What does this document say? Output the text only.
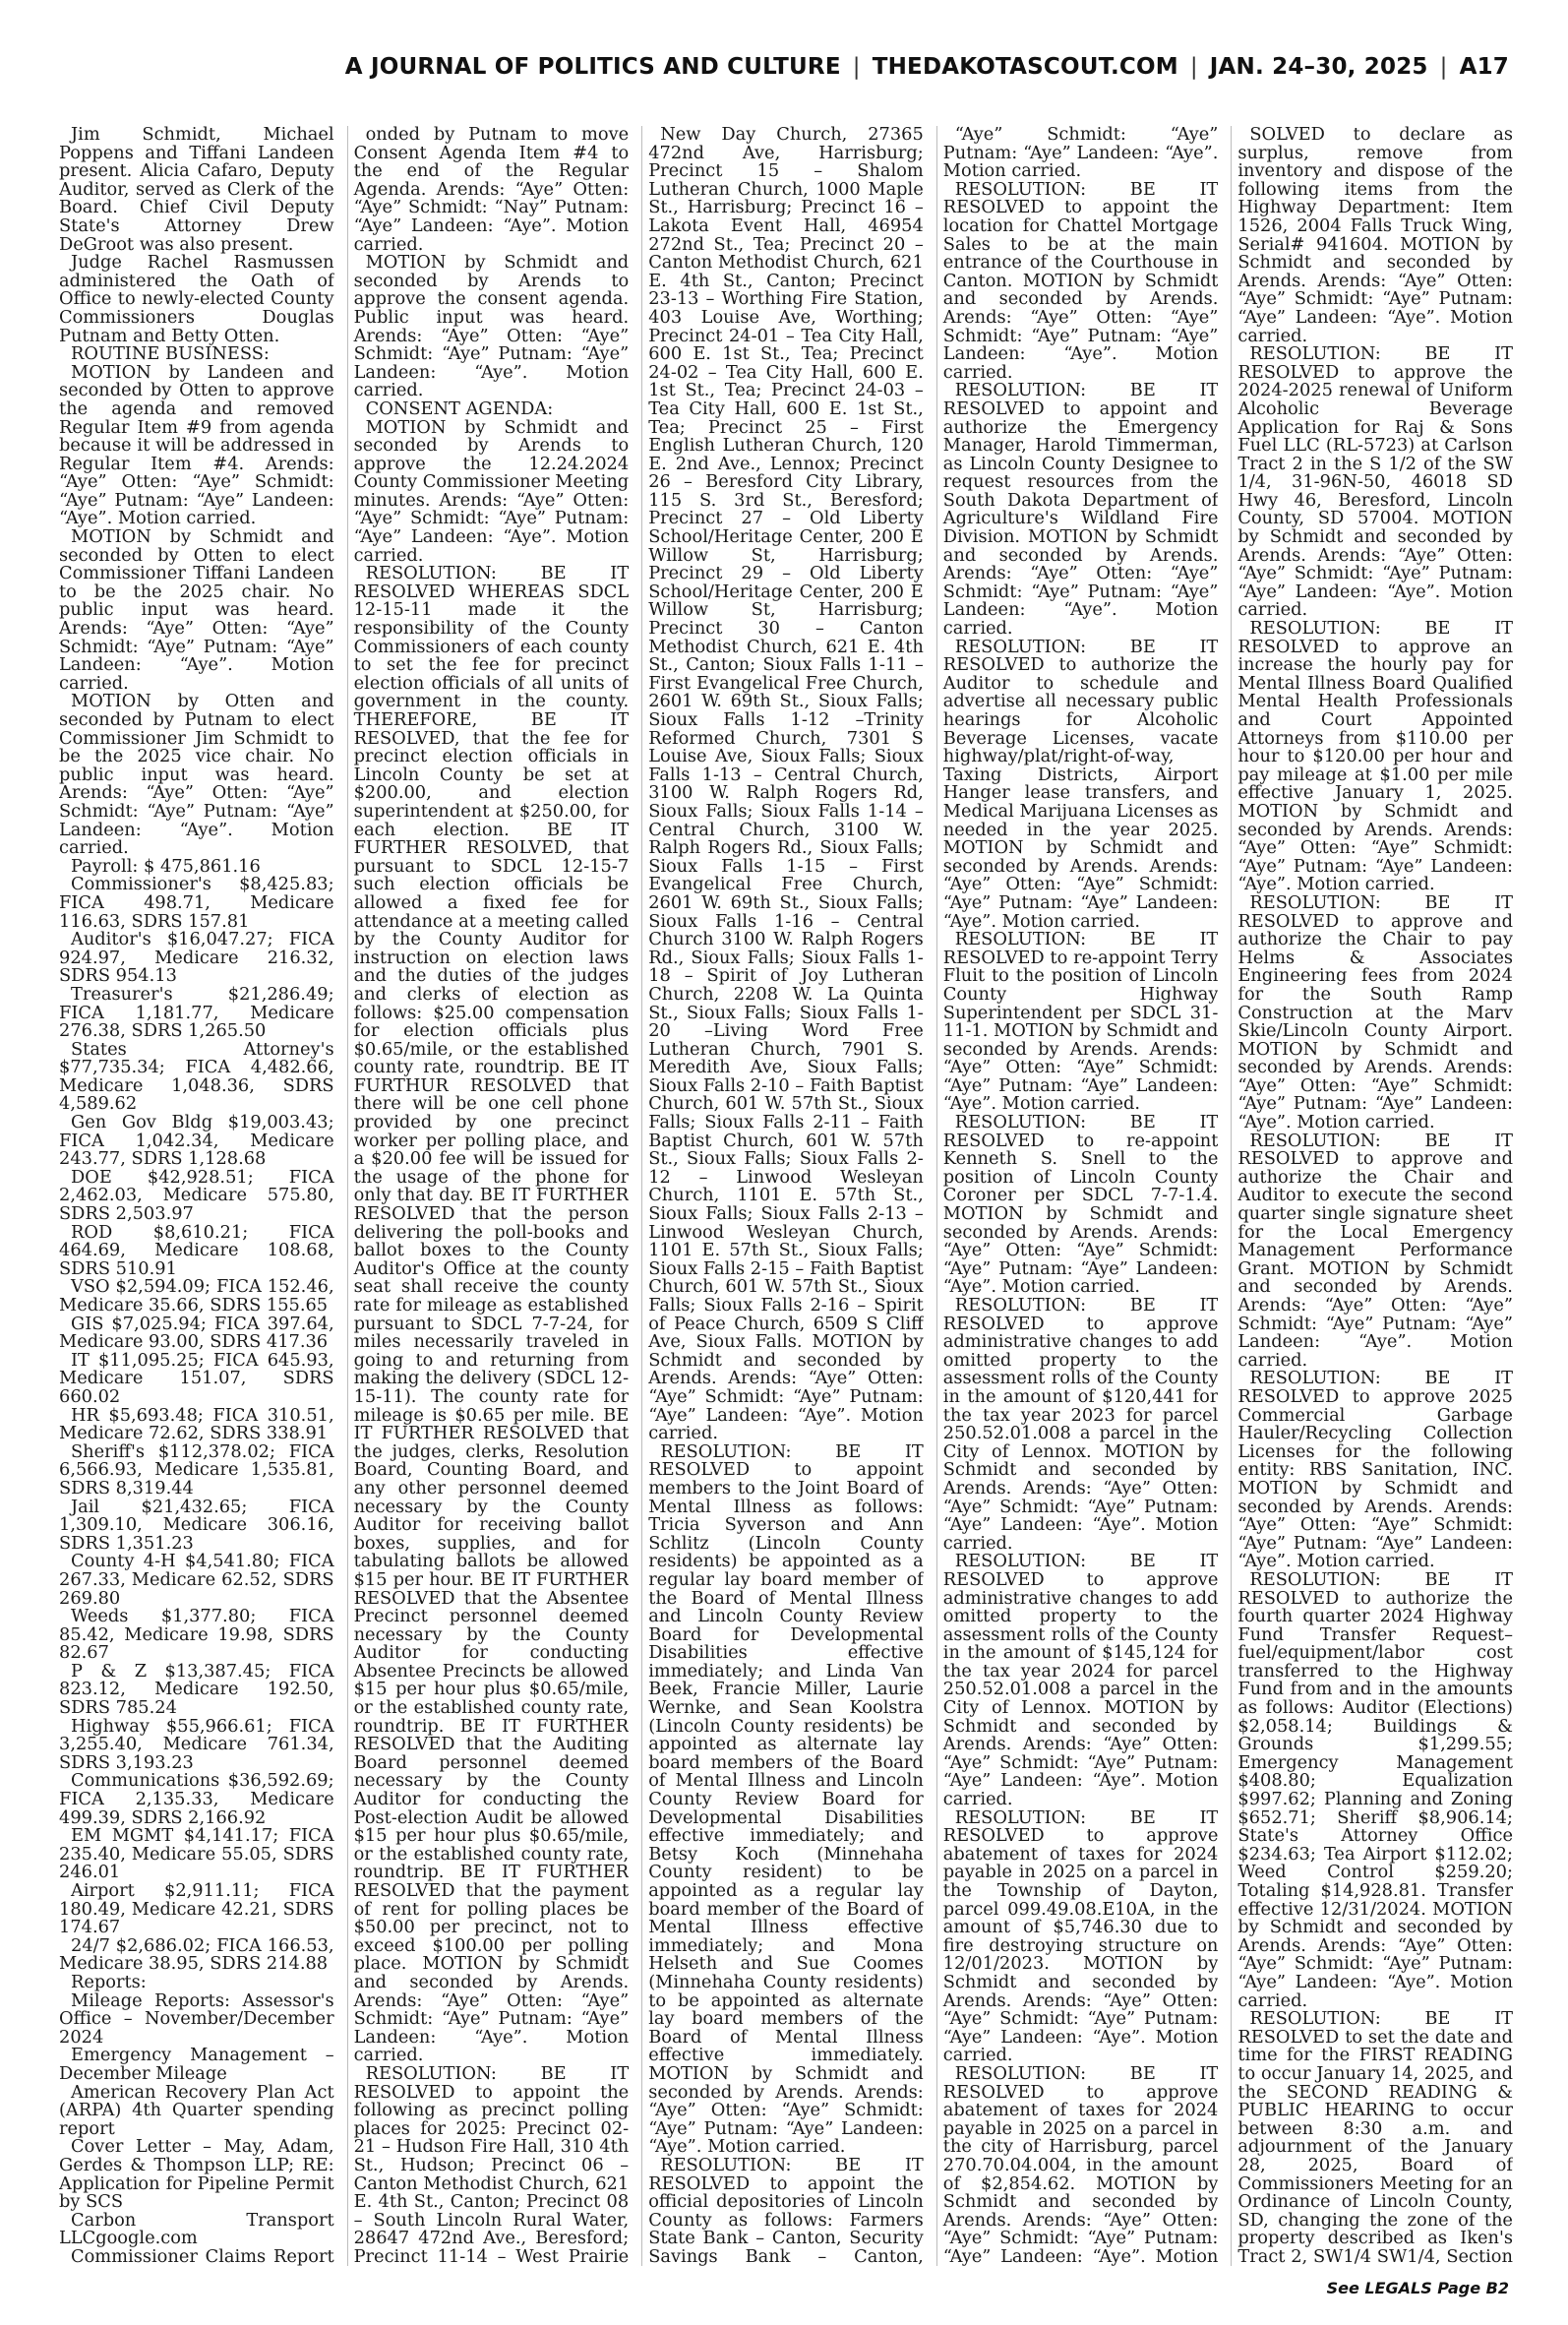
A JOURNAL OF POLITICS AND CULTURE | THEDAKOTASCOUT.COM | JAN. 24–30, 2025 | A17

Jim Schmidt, Michael Poppens and Tiffani Landeen present. Alicia Cafaro, Deputy Auditor, served as Clerk of the Board. Chief Civil Deputy State's Attorney Drew DeGroot was also present.

Judge Rachel Rasmussen administered the Oath of Office to newly-elected County Commissioners Douglas Putnam and Betty Otten.

ROUTINE BUSINESS:

MOTION by Landeen and seconded by Otten to approve the agenda and removed Regular Item #9 from agenda because it will be addressed in Regular Item #4. Arends: “Aye” Otten: “Aye” Schmidt: “Aye” Putnam: “Aye” Landeen: “Aye”. Motion carried.

MOTION by Schmidt and seconded by Otten to elect Commissioner Tiffani Landeen to be the 2025 chair. No public input was heard. Arends: “Aye” Otten: “Aye” Schmidt: “Aye” Putnam: “Aye” Landeen: “Aye”. Motion carried.

MOTION by Otten and seconded by Putnam to elect Commissioner Jim Schmidt to be the 2025 vice chair. No public input was heard. Arends: “Aye” Otten: “Aye” Schmidt: “Aye” Putnam: “Aye” Landeen: “Aye”. Motion carried.

Payroll: $ 475,861.16

Commissioner's $8,425.83; FICA 498.71, Medicare 116.63, SDRS 157.81

Auditor's $16,047.27; FICA 924.97, Medicare 216.32, SDRS 954.13

Treasurer's $21,286.49; FICA 1,181.77, Medicare 276.38, SDRS 1,265.50

States Attorney's $77,735.34; FICA 4,482.66, Medicare 1,048.36, SDRS 4,589.62

Gen Gov Bldg $19,003.43; FICA 1,042.34, Medicare 243.77, SDRS 1,128.68

DOE $42,928.51; FICA 2,462.03, Medicare 575.80, SDRS 2,503.97

ROD $8,610.21; FICA 464.69, Medicare 108.68, SDRS 510.91

VSO $2,594.09; FICA 152.46, Medicare 35.66, SDRS 155.65

GIS $7,025.94; FICA 397.64, Medicare 93.00, SDRS 417.36

IT $11,095.25; FICA 645.93, Medicare 151.07, SDRS 660.02

HR $5,693.48; FICA 310.51, Medicare 72.62, SDRS 338.91

Sheriff's $112,378.02; FICA 6,566.93, Medicare 1,535.81, SDRS 8,319.44

Jail $21,432.65; FICA 1,309.10, Medicare 306.16, SDRS 1,351.23

County 4-H $4,541.80; FICA 267.33, Medicare 62.52, SDRS 269.80

Weeds $1,377.80; FICA 85.42, Medicare 19.98, SDRS 82.67

P & Z $13,387.45; FICA 823.12, Medicare 192.50, SDRS 785.24

Highway $55,966.61; FICA 3,255.40, Medicare 761.34, SDRS 3,193.23

Communications $36,592.69; FICA 2,135.33, Medicare 499.39, SDRS 2,166.92

EM MGMT $4,141.17; FICA 235.40, Medicare 55.05, SDRS 246.01

Airport $2,911.11; FICA 180.49, Medicare 42.21, SDRS 174.67

24/7 $2,686.02; FICA 166.53, Medicare 38.95, SDRS 214.88

Reports:

Mileage Reports: Assessor's Office – November/December 2024

Emergency Management – December Mileage

American Recovery Plan Act (ARPA) 4th Quarter spending report

Cover Letter – May, Adam, Gerdes & Thompson LLP; RE: Application for Pipeline Permit by SCS

Carbon Transport LLCgoogle.com

Commissioner Claims Report

onded by Putnam to move Consent Agenda Item #4 to the end of the Regular Agenda. Arends: “Aye” Otten: “Aye” Schmidt: “Nay” Putnam: “Aye” Landeen: “Aye”. Motion carried.

MOTION by Schmidt and seconded by Arends to approve the consent agenda. Public input was heard. Arends: “Aye” Otten: “Aye” Schmidt: “Aye” Putnam: “Aye” Landeen: “Aye”. Motion carried.

CONSENT AGENDA:

MOTION by Schmidt and seconded by Arends to approve the 12.24.2024 County Commissioner Meeting minutes. Arends: “Aye” Otten: “Aye” Schmidt: “Aye” Putnam: “Aye” Landeen: “Aye”. Motion carried.

RESOLUTION: BE IT RESOLVED WHEREAS SDCL 12-15-11 made it the responsibility of the County Commissioners of each county to set the fee for precinct election officials of all units of government in the county. THEREFORE, BE IT RESOLVED, that the fee for precinct election officials in Lincoln County be set at $200.00, and election superintendent at $250.00, for each election. BE IT FURTHER RESOLVED, that pursuant to SDCL 12-15-7 such election officials be allowed a fixed fee for attendance at a meeting called by the County Auditor for instruction on election laws and the duties of the judges and clerks of election as follows: $25.00 compensation for election officials plus $0.65/mile, or the established county rate, roundtrip. BE IT FURTHUR RESOLVED that there will be one cell phone provided by one precinct worker per polling place, and a $20.00 fee will be issued for the usage of the phone for only that day. BE IT FURTHER RESOLVED that the person delivering the poll-books and ballot boxes to the County Auditor's Office at the county seat shall receive the county rate for mileage as established pursuant to SDCL 7-7-24, for miles necessarily traveled in going to and returning from making the delivery (SDCL 12-15-11). The county rate for mileage is $0.65 per mile. BE IT FURTHER RESOLVED that the judges, clerks, Resolution Board, Counting Board, and any other personnel deemed necessary by the County Auditor for receiving ballot boxes, supplies, and for tabulating ballots be allowed $15 per hour. BE IT FURTHER RESOLVED that the Absentee Precinct personnel deemed necessary by the County Auditor for conducting Absentee Precincts be allowed $15 per hour plus $0.65/mile, or the established county rate, roundtrip. BE IT FURTHER RESOLVED that the Auditing Board personnel deemed necessary by the County Auditor for conducting the Post-election Audit be allowed $15 per hour plus $0.65/mile, or the established county rate, roundtrip. BE IT FURTHER RESOLVED that the payment of rent for polling places be $50.00 per precinct, not to exceed $100.00 per polling place. MOTION by Schmidt and seconded by Arends. Arends: “Aye” Otten: “Aye” Schmidt: “Aye” Putnam: “Aye” Landeen: “Aye”. Motion carried.

RESOLUTION: BE IT RESOLVED to appoint the following as precinct polling places for 2025: Precinct 02-21 – Hudson Fire Hall, 310 4th St., Hudson; Precinct 06 – Canton Methodist Church, 621 E. 4th St., Canton; Precinct 08 – South Lincoln Rural Water, 28647 472nd Ave., Beresford; Precinct 11-14 – West Prairie

New Day Church, 27365 472nd Ave, Harrisburg; Precinct 15 – Shalom Lutheran Church, 1000 Maple St., Harrisburg; Precinct 16 – Lakota Event Hall, 46954 272nd St., Tea; Precinct 20 – Canton Methodist Church, 621 E. 4th St., Canton; Precinct 23-13 – Worthing Fire Station, 403 Louise Ave, Worthing; Precinct 24-01 – Tea City Hall, 600 E. 1st St., Tea; Precinct 24-02 – Tea City Hall, 600 E. 1st St., Tea; Precinct 24-03 – Tea City Hall, 600 E. 1st St., Tea; Precinct 25 – First English Lutheran Church, 120 E. 2nd Ave., Lennox; Precinct 26 – Beresford City Library, 115 S. 3rd St., Beresford; Precinct 27 – Old Liberty School/Heritage Center, 200 E Willow St, Harrisburg; Precinct 29 – Old Liberty School/Heritage Center, 200 E Willow St, Harrisburg; Precinct 30 – Canton Methodist Church, 621 E. 4th St., Canton; Sioux Falls 1-11 – First Evangelical Free Church, 2601 W. 69th St., Sioux Falls; Sioux Falls 1-12 –Trinity Reformed Church, 7301 S Louise Ave, Sioux Falls; Sioux Falls 1-13 – Central Church, 3100 W. Ralph Rogers Rd, Sioux Falls; Sioux Falls 1-14 – Central Church, 3100 W. Ralph Rogers Rd., Sioux Falls; Sioux Falls 1-15 – First Evangelical Free Church, 2601 W. 69th St., Sioux Falls; Sioux Falls 1-16 – Central Church 3100 W. Ralph Rogers Rd., Sioux Falls; Sioux Falls 1-18 – Spirit of Joy Lutheran Church, 2208 W. La Quinta St., Sioux Falls; Sioux Falls 1-20 –Living Word Free Lutheran Church, 7901 S. Meredith Ave, Sioux Falls; Sioux Falls 2-10 – Faith Baptist Church, 601 W. 57th St., Sioux Falls; Sioux Falls 2-11 – Faith Baptist Church, 601 W. 57th St., Sioux Falls; Sioux Falls 2-12 – Linwood Wesleyan Church, 1101 E. 57th St., Sioux Falls; Sioux Falls 2-13 – Linwood Wesleyan Church, 1101 E. 57th St., Sioux Falls; Sioux Falls 2-15 – Faith Baptist Church, 601 W. 57th St., Sioux Falls; Sioux Falls 2-16 – Spirit of Peace Church, 6509 S Cliff Ave, Sioux Falls. MOTION by Schmidt and seconded by Arends. Arends: “Aye” Otten: “Aye” Schmidt: “Aye” Putnam: “Aye” Landeen: “Aye”. Motion carried.

RESOLUTION: BE IT RESOLVED to appoint members to the Joint Board of Mental Illness as follows: Tricia Syverson and Ann Schlitz (Lincoln County residents) be appointed as a regular lay board member of the Board of Mental Illness and Lincoln County Review Board for Developmental Disabilities effective immediately; and Linda Van Beek, Francie Miller, Laurie Wernke, and Sean Koolstra (Lincoln County residents) be appointed as alternate lay board members of the Board of Mental Illness and Lincoln County Review Board for Developmental Disabilities effective immediately; and Betsy Koch (Minnehaha County resident) to be appointed as a regular lay board member of the Board of Mental Illness effective immediately; and Mona Helseth and Sue Coomes (Minnehaha County residents) to be appointed as alternate lay board members of the Board of Mental Illness effective immediately. MOTION by Schmidt and seconded by Arends. Arends: “Aye” Otten: “Aye” Schmidt: “Aye” Putnam: “Aye” Landeen: “Aye”. Motion carried.

RESOLUTION: BE IT RESOLVED to appoint the official depositories of Lincoln County as follows: Farmers State Bank – Canton, Security Savings Bank – Canton,

“Aye” Schmidt: “Aye” Putnam: “Aye” Landeen: “Aye”. Motion carried.

RESOLUTION: BE IT RESOLVED to appoint the location for Chattel Mortgage Sales to be at the main entrance of the Courthouse in Canton. MOTION by Schmidt and seconded by Arends. Arends: “Aye” Otten: “Aye” Schmidt: “Aye” Putnam: “Aye” Landeen: “Aye”. Motion carried.

RESOLUTION: BE IT RESOLVED to appoint and authorize the Emergency Manager, Harold Timmerman, as Lincoln County Designee to request resources from the South Dakota Department of Agriculture's Wildland Fire Division. MOTION by Schmidt and seconded by Arends. Arends: “Aye” Otten: “Aye” Schmidt: “Aye” Putnam: “Aye” Landeen: “Aye”. Motion carried.

RESOLUTION: BE IT RESOLVED to authorize the Auditor to schedule and advertise all necessary public hearings for Alcoholic Beverage Licenses, vacate highway/plat/right-of-way, Taxing Districts, Airport Hanger lease transfers, and Medical Marijuana Licenses as needed in the year 2025. MOTION by Schmidt and seconded by Arends. Arends: “Aye” Otten: “Aye” Schmidt: “Aye” Putnam: “Aye” Landeen: “Aye”. Motion carried.

RESOLUTION: BE IT RESOLVED to re-appoint Terry Fluit to the position of Lincoln County Highway Superintendent per SDCL 31-11-1. MOTION by Schmidt and seconded by Arends. Arends: “Aye” Otten: “Aye” Schmidt: “Aye” Putnam: “Aye” Landeen: “Aye”. Motion carried.

RESOLUTION: BE IT RESOLVED to re-appoint Kenneth S. Snell to the position of Lincoln County Coroner per SDCL 7-7-1.4. MOTION by Schmidt and seconded by Arends. Arends: “Aye” Otten: “Aye” Schmidt: “Aye” Putnam: “Aye” Landeen: “Aye”. Motion carried.

RESOLUTION: BE IT RESOLVED to approve administrative changes to add omitted property to the assessment rolls of the County in the amount of $120,441 for the tax year 2023 for parcel 250.52.01.008 a parcel in the City of Lennox. MOTION by Schmidt and seconded by Arends. Arends: “Aye” Otten: “Aye” Schmidt: “Aye” Putnam: “Aye” Landeen: “Aye”. Motion carried.

RESOLUTION: BE IT RESOLVED to approve administrative changes to add omitted property to the assessment rolls of the County in the amount of $145,124 for the tax year 2024 for parcel 250.52.01.008 a parcel in the City of Lennox. MOTION by Schmidt and seconded by Arends. Arends: “Aye” Otten: “Aye” Schmidt: “Aye” Putnam: “Aye” Landeen: “Aye”. Motion carried.

RESOLUTION: BE IT RESOLVED to approve abatement of taxes for 2024 payable in 2025 on a parcel in the Township of Dayton, parcel 099.49.08.E10A, in the amount of $5,746.30 due to fire destroying structure on 12/01/2023. MOTION by Schmidt and seconded by Arends. Arends: “Aye” Otten: “Aye” Schmidt: “Aye” Putnam: “Aye” Landeen: “Aye”. Motion carried.

RESOLUTION: BE IT RESOLVED to approve abatement of taxes for 2024 payable in 2025 on a parcel in the city of Harrisburg, parcel 270.70.04.004, in the amount of $2,854.62. MOTION by Schmidt and seconded by Arends. Arends: “Aye” Otten: “Aye” Schmidt: “Aye” Putnam: “Aye” Landeen: “Aye”. Motion

SOLVED to declare as surplus, remove from inventory and dispose of the following items from the Highway Department: Item 1526, 2004 Falls Truck Wing, Serial# 941604. MOTION by Schmidt and seconded by Arends. Arends: “Aye” Otten: “Aye” Schmidt: “Aye” Putnam: “Aye” Landeen: “Aye”. Motion carried.

RESOLUTION: BE IT RESOLVED to approve the 2024-2025 renewal of Uniform Alcoholic Beverage Application for Raj & Sons Fuel LLC (RL-5723) at Carlson Tract 2 in the S 1/2 of the SW 1/4, 31-96N-50, 46018 SD Hwy 46, Beresford, Lincoln County, SD 57004. MOTION by Schmidt and seconded by Arends. Arends: “Aye” Otten: “Aye” Schmidt: “Aye” Putnam: “Aye” Landeen: “Aye”. Motion carried.

RESOLUTION: BE IT RESOLVED to approve an increase the hourly pay for Mental Illness Board Qualified Mental Health Professionals and Court Appointed Attorneys from $110.00 per hour to $120.00 per hour and pay mileage at $1.00 per mile effective January 1, 2025. MOTION by Schmidt and seconded by Arends. Arends: “Aye” Otten: “Aye” Schmidt: “Aye” Putnam: “Aye” Landeen: “Aye”. Motion carried.

RESOLUTION: BE IT RESOLVED to approve and authorize the Chair to pay Helms & Associates Engineering fees from 2024 for the South Ramp Construction at the Marv Skie/Lincoln County Airport. MOTION by Schmidt and seconded by Arends. Arends: “Aye” Otten: “Aye” Schmidt: “Aye” Putnam: “Aye” Landeen: “Aye”. Motion carried.

RESOLUTION: BE IT RESOLVED to approve and authorize the Chair and Auditor to execute the second quarter single signature sheet for the Local Emergency Management Performance Grant. MOTION by Schmidt and seconded by Arends. Arends: “Aye” Otten: “Aye” Schmidt: “Aye” Putnam: “Aye” Landeen: “Aye”. Motion carried.

RESOLUTION: BE IT RESOLVED to approve 2025 Commercial Garbage Hauler/Recycling Collection Licenses for the following entity: RBS Sanitation, INC. MOTION by Schmidt and seconded by Arends. Arends: “Aye” Otten: “Aye” Schmidt: “Aye” Putnam: “Aye” Landeen: “Aye”. Motion carried.

RESOLUTION: BE IT RESOLVED to authorize the fourth quarter 2024 Highway Fund Transfer Request–fuel/equipment/labor cost transferred to the Highway Fund from and in the amounts as follows: Auditor (Elections) $2,058.14; Buildings & Grounds $1,299.55; Emergency Management $408.80; Equalization $997.62; Planning and Zoning $652.71; Sheriff $8,906.14; State's Attorney Office $234.63; Tea Airport $112.02; Weed Control $259.20; Totaling $14,928.81. Transfer effective 12/31/2024. MOTION by Schmidt and seconded by Arends. Arends: “Aye” Otten: “Aye” Schmidt: “Aye” Putnam: “Aye” Landeen: “Aye”. Motion carried.

RESOLUTION: BE IT RESOLVED to set the date and time for the FIRST READING to occur January 14, 2025, and the SECOND READING & PUBLIC HEARING to occur between 8:30 a.m. and adjournment of the January 28, 2025, Board of Commissioners Meeting for an Ordinance of Lincoln County, SD, changing the zone of the property described as Iken's Tract 2, SW1/4 SW1/4, Section

See LEGALS Page B2
